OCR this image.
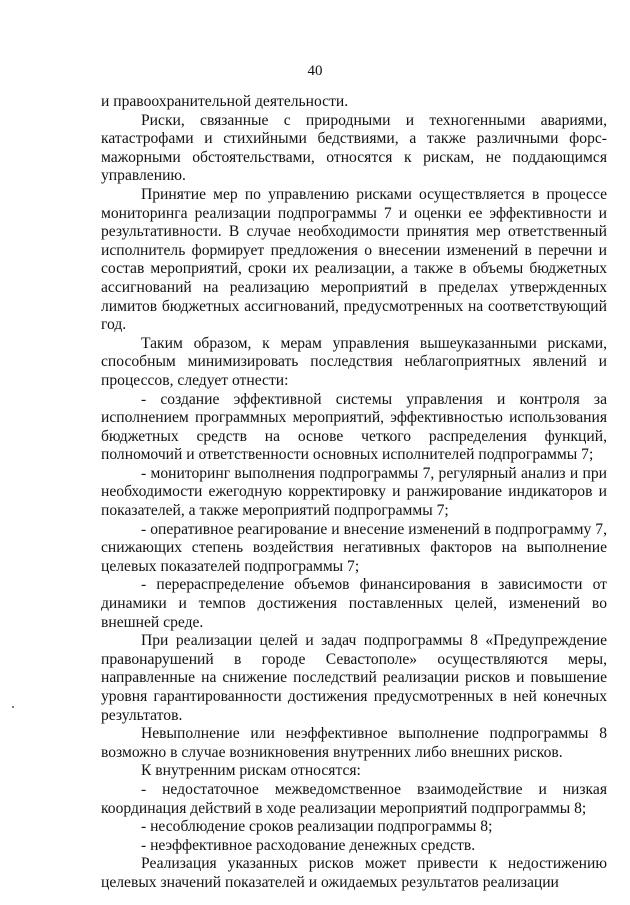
40

и правоохранительной деятельности.

Риски, связанные с природными и техногенными авариями, катастрофами и стихийными бедствиями, а также различными форс-мажорными обстоятельствами, относятся к рискам, не поддающимся управлению.

Принятие мер по управлению рисками осуществляется в процессе мониторинга реализации подпрограммы 7 и оценки ее эффективности и результативности. В случае необходимости принятия мер ответственный исполнитель формирует предложения о внесении изменений в перечни и состав мероприятий, сроки их реализации, а также в объемы бюджетных ассигнований на реализацию мероприятий в пределах утвержденных лимитов бюджетных ассигнований, предусмотренных на соответствующий год.

Таким образом, к мерам управления вышеуказанными рисками, способным минимизировать последствия неблагоприятных явлений и процессов, следует отнести:

- создание эффективной системы управления и контроля за исполнением программных мероприятий, эффективностью использования бюджетных средств на основе четкого распределения функций, полномочий и ответственности основных исполнителей подпрограммы 7;

- мониторинг выполнения подпрограммы 7, регулярный анализ и при необходимости ежегодную корректировку и ранжирование индикаторов и показателей, а также мероприятий подпрограммы 7;

- оперативное реагирование и внесение изменений в подпрограмму 7, снижающих степень воздействия негативных факторов на выполнение целевых показателей подпрограммы 7;

- перераспределение объемов финансирования в зависимости от динамики и темпов достижения поставленных целей, изменений во внешней среде.

При реализации целей и задач подпрограммы 8 «Предупреждение правонарушений в городе Севастополе» осуществляются меры, направленные на снижение последствий реализации рисков и повышение уровня гарантированности достижения предусмотренных в ней конечных результатов.

Невыполнение или неэффективное выполнение подпрограммы 8 возможно в случае возникновения внутренних либо внешних рисков.

К внутренним рискам относятся:

- недостаточное межведомственное взаимодействие и низкая координация действий в ходе реализации мероприятий подпрограммы 8;

- несоблюдение сроков реализации подпрограммы 8;

- неэффективное расходование денежных средств.

Реализация указанных рисков может привести к недостижению целевых значений показателей и ожидаемых результатов реализации
